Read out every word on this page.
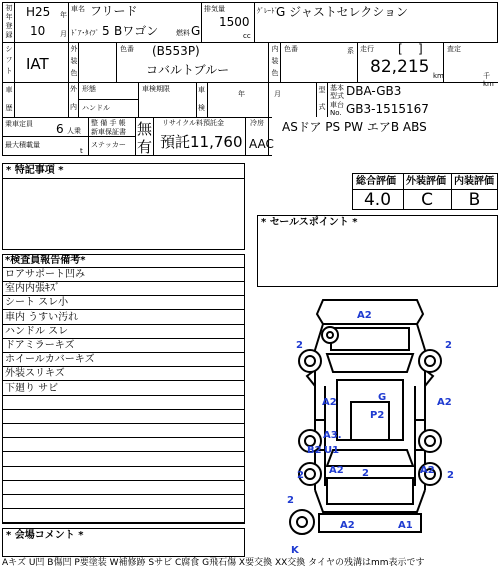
初
年
登
録
H25 年
10 月
車名 フリード
ﾄﾞｱ･ﾀｲﾌﾟ 5 Bワゴン	燃料 G
排気量
1500
cc
ｸﾞﾚｰﾄﾞ
G ジャストセレクション
シ
フ
ト IAT
外
装
色
色番 (B553P)
コバルトブルー
内
装
色
色番	系 走行 [    ]
82,215 km
査定
千km
車
歴
外
内
形態
ハンドル
車検期限	車
検
年	月	型
式
基本型式 DBA-GB3
車台No. GB3-1515167
乗車定員 6 人乗
最大積載量
t
整 備 手 帳
新車保証書 無
ステッカー 有
リサイクル料預託金
預託11,760
冷房
AAC
ASドア PS PW エアB ABS
* 特記事項 *
総合評価 外装評価 内装評価
4.0	C	B
* セールスポイント *
*検査員報告備考*
ロアサポート凹み
室内内張ｷｽﾞ
シート スレ小
車内 うすい汚れ
ハンドル スレ
ドアミラーキズ
ホイールカバーキズ
外装スリキズ
下廻り サビ
* 会場コメント *
A2
2	2
G
A2	A2
P2
A3.
B2 U1
A2	A2
2
2	2
2
A2	A1
K
Aキズ U凹 B傷凹 P要塗装 W補修跡 Sサビ C腐食 G飛石傷 X要交換 XX交換 タイヤの残溝はmm表示です
